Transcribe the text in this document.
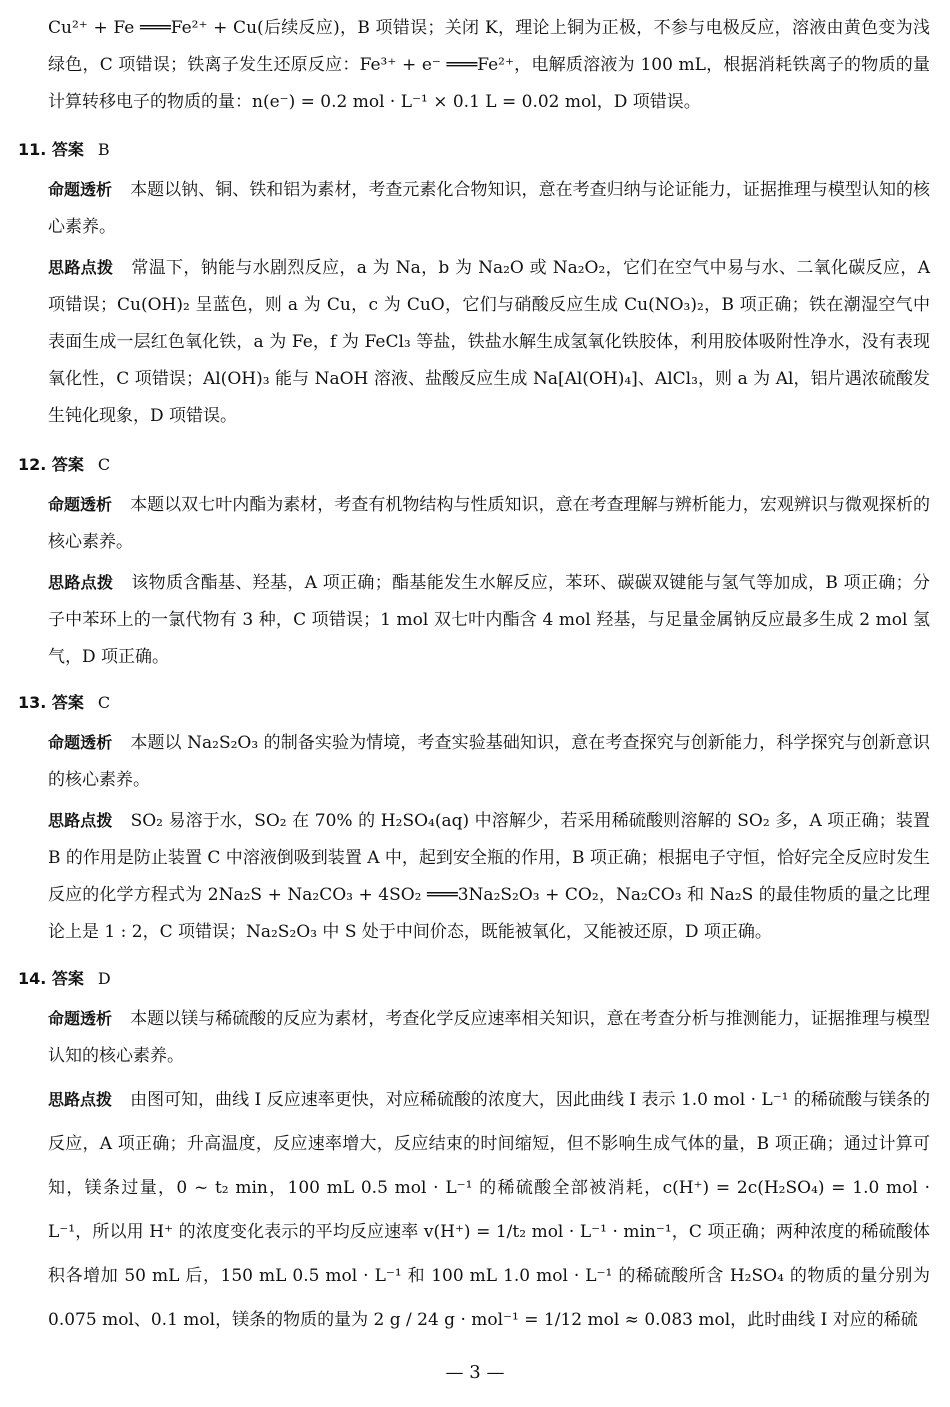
Cu²⁺ + Fe ═══Fe²⁺ + Cu(后续反应)，B 项错误；关闭 K，理论上铜为正极，不参与电极反应，溶液由黄色变为浅绿色，C 项错误；铁离子发生还原反应：Fe³⁺ + e⁻ ═══Fe²⁺，电解质溶液为 100 mL，根据消耗铁离子的物质的量计算转移电子的物质的量：n(e⁻) = 0.2 mol · L⁻¹ × 0.1 L = 0.02 mol，D 项错误。

11. 答案 B

命题透析 本题以钠、铜、铁和铝为素材，考查元素化合物知识，意在考查归纳与论证能力，证据推理与模型认知的核心素养。

思路点拨 常温下，钠能与水剧烈反应，a 为 Na，b 为 Na₂O 或 Na₂O₂，它们在空气中易与水、二氧化碳反应，A 项错误；Cu(OH)₂ 呈蓝色，则 a 为 Cu，c 为 CuO，它们与硝酸反应生成 Cu(NO₃)₂，B 项正确；铁在潮湿空气中表面生成一层红色氧化铁，a 为 Fe，f 为 FeCl₃ 等盐，铁盐水解生成氢氧化铁胶体，利用胶体吸附性净水，没有表现氧化性，C 项错误；Al(OH)₃ 能与 NaOH 溶液、盐酸反应生成 Na[Al(OH)₄]、AlCl₃，则 a 为 Al，铝片遇浓硫酸发生钝化现象，D 项错误。

12. 答案 C

命题透析 本题以双七叶内酯为素材，考查有机物结构与性质知识，意在考查理解与辨析能力，宏观辨识与微观探析的核心素养。

思路点拨 该物质含酯基、羟基，A 项正确；酯基能发生水解反应，苯环、碳碳双键能与氢气等加成，B 项正确；分子中苯环上的一氯代物有 3 种，C 项错误；1 mol 双七叶内酯含 4 mol 羟基，与足量金属钠反应最多生成 2 mol 氢气，D 项正确。

13. 答案 C

命题透析 本题以 Na₂S₂O₃ 的制备实验为情境，考查实验基础知识，意在考查探究与创新能力，科学探究与创新意识的核心素养。

思路点拨 SO₂ 易溶于水，SO₂ 在 70% 的 H₂SO₄(aq) 中溶解少，若采用稀硫酸则溶解的 SO₂ 多，A 项正确；装置 B 的作用是防止装置 C 中溶液倒吸到装置 A 中，起到安全瓶的作用，B 项正确；根据电子守恒，恰好完全反应时发生反应的化学方程式为 2Na₂S + Na₂CO₃ + 4SO₂ ═══3Na₂S₂O₃ + CO₂，Na₂CO₃ 和 Na₂S 的最佳物质的量之比理论上是 1 : 2，C 项错误；Na₂S₂O₃ 中 S 处于中间价态，既能被氧化，又能被还原，D 项正确。

14. 答案 D

命题透析 本题以镁与稀硫酸的反应为素材，考查化学反应速率相关知识，意在考查分析与推测能力，证据推理与模型认知的核心素养。

思路点拨 由图可知，曲线 Ⅰ 反应速率更快，对应稀硫酸的浓度大，因此曲线 Ⅰ 表示 1.0 mol · L⁻¹ 的稀硫酸与镁条的反应，A 项正确；升高温度，反应速率增大，反应结束的时间缩短，但不影响生成气体的量，B 项正确；通过计算可知，镁条过量，0 ~ t₂ min，100 mL 0.5 mol · L⁻¹ 的稀硫酸全部被消耗，c(H⁺) = 2c(H₂SO₄) = 1.0 mol · L⁻¹，所以用 H⁺ 的浓度变化表示的平均反应速率 v(H⁺) = 1/t₂ mol · L⁻¹ · min⁻¹，C 项正确；两种浓度的稀硫酸体积各增加 50 mL 后，150 mL 0.5 mol · L⁻¹ 和 100 mL 1.0 mol · L⁻¹ 的稀硫酸所含 H₂SO₄ 的物质的量分别为 0.075 mol、0.1 mol，镁条的物质的量为 2 g / 24 g · mol⁻¹ = 1/12 mol ≈ 0.083 mol，此时曲线 Ⅰ 对应的稀硫

— 3 —
